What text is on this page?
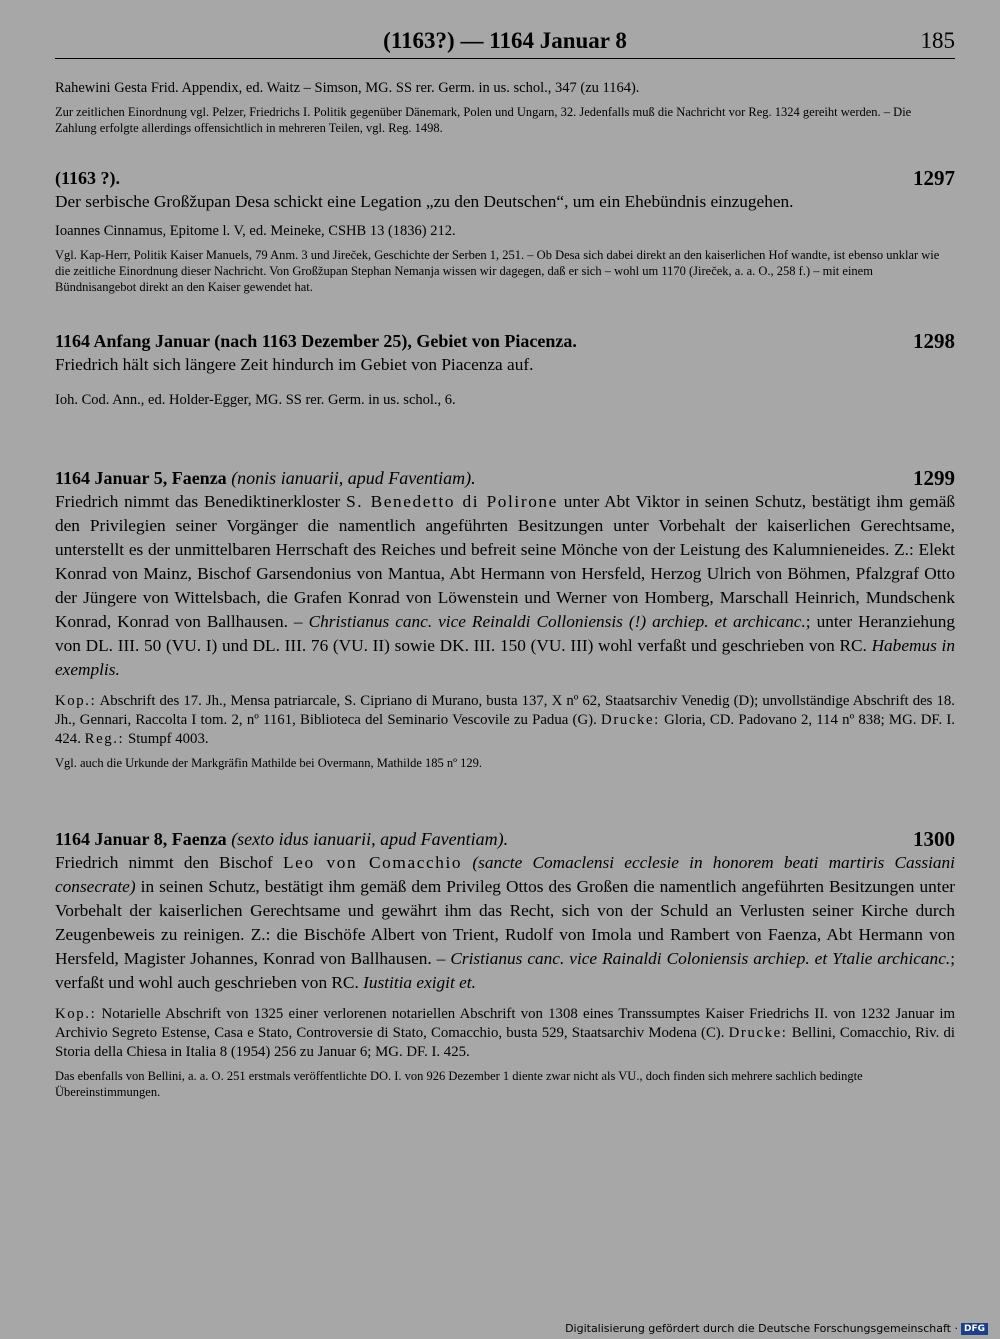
(1163?) — 1164 Januar 8	185
Rahewini Gesta Frid. Appendix, ed. Waitz – Simson, MG. SS rer. Germ. in us. schol., 347 (zu 1164).
Zur zeitlichen Einordnung vgl. Pelzer, Friedrichs I. Politik gegenüber Dänemark, Polen und Ungarn, 32. Jedenfalls muß die Nachricht vor Reg. 1324 gereiht werden. – Die Zahlung erfolgte allerdings offensichtlich in mehreren Teilen, vgl. Reg. 1498.
(1163 ?).	1297
Der serbische Großžupan Desa schickt eine Legation „zu den Deutschen“, um ein Ehebündnis einzugehen.
Ioannes Cinnamus, Epitome l. V, ed. Meineke, CSHB 13 (1836) 212.
Vgl. Kap-Herr, Politik Kaiser Manuels, 79 Anm. 3 und Jireček, Geschichte der Serben 1, 251. – Ob Desa sich dabei direkt an den kaiserlichen Hof wandte, ist ebenso unklar wie die zeitliche Einordnung dieser Nachricht. Von Großžupan Stephan Nemanja wissen wir dagegen, daß er sich – wohl um 1170 (Jireček, a. a. O., 258 f.) – mit einem Bündnisangebot direkt an den Kaiser gewendet hat.
1164 Anfang Januar (nach 1163 Dezember 25), Gebiet von Piacenza.	1298
Friedrich hält sich längere Zeit hindurch im Gebiet von Piacenza auf.
Ioh. Cod. Ann., ed. Holder-Egger, MG. SS rer. Germ. in us. schol., 6.
1164 Januar 5, Faenza (nonis ianuarii, apud Faventiam).	1299
Friedrich nimmt das Benediktinerkloster S. Benedetto di Polirone unter Abt Viktor in seinen Schutz, bestätigt ihm gemäß den Privilegien seiner Vorgänger die namentlich angeführten Besitzungen unter Vorbehalt der kaiserlichen Gerechtsame, unterstellt es der unmittelbaren Herrschaft des Reiches und befreit seine Mönche von der Leistung des Kalumnieneides. Z.: Elekt Konrad von Mainz, Bischof Garsendonius von Mantua, Abt Hermann von Hersfeld, Herzog Ulrich von Böhmen, Pfalzgraf Otto der Jüngere von Wittelsbach, die Grafen Konrad von Löwenstein und Werner von Homberg, Marschall Heinrich, Mundschenk Konrad, Konrad von Ballhausen. – Christianus canc. vice Reinaldi Colloniensis (!) archiep. et archicanc.; unter Heranziehung von DL. III. 50 (VU. I) und DL. III. 76 (VU. II) sowie DK. III. 150 (VU. III) wohl verfaßt und geschrieben von RC. Habemus in exemplis.
Kop.: Abschrift des 17. Jh., Mensa patriarcale, S. Cipriano di Murano, busta 137, X nº 62, Staatsarchiv Venedig (D); unvollständige Abschrift des 18. Jh., Gennari, Raccolta I tom. 2, nº 1161, Biblioteca del Seminario Vescovile zu Padua (G). Drucke: Gloria, CD. Padovano 2, 114 nº 838; MG. DF. I. 424. Reg.: Stumpf 4003.
Vgl. auch die Urkunde der Markgräfin Mathilde bei Overmann, Mathilde 185 nº 129.
1164 Januar 8, Faenza (sexto idus ianuarii, apud Faventiam).	1300
Friedrich nimmt den Bischof Leo von Comacchio (sancte Comaclensi ecclesie in honorem beati martiris Cassiani consecrate) in seinen Schutz, bestätigt ihm gemäß dem Privileg Ottos des Großen die namentlich angeführten Besitzungen unter Vorbehalt der kaiserlichen Gerechtsame und gewährt ihm das Recht, sich von der Schuld an Verlusten seiner Kirche durch Zeugenbeweis zu reinigen. Z.: die Bischöfe Albert von Trient, Rudolf von Imola und Rambert von Faenza, Abt Hermann von Hersfeld, Magister Johannes, Konrad von Ballhausen. – Cristianus canc. vice Rainaldi Coloniensis archiep. et Ytalie archicanc.; verfaßt und wohl auch geschrieben von RC. Iustitia exigit et.
Kop.: Notarielle Abschrift von 1325 einer verlorenen notariellen Abschrift von 1308 eines Transsumptes Kaiser Friedrichs II. von 1232 Januar im Archivio Segreto Estense, Casa e Stato, Controversie di Stato, Comacchio, busta 529, Staatsarchiv Modena (C). Drucke: Bellini, Comacchio, Riv. di Storia della Chiesa in Italia 8 (1954) 256 zu Januar 6; MG. DF. I. 425.
Das ebenfalls von Bellini, a. a. O. 251 erstmals veröffentlichte DO. I. von 926 Dezember 1 diente zwar nicht als VU., doch finden sich mehrere sachlich bedingte Übereinstimmungen.
Digitalisierung gefördert durch die Deutsche Forschungsgemeinschaft · DFG
